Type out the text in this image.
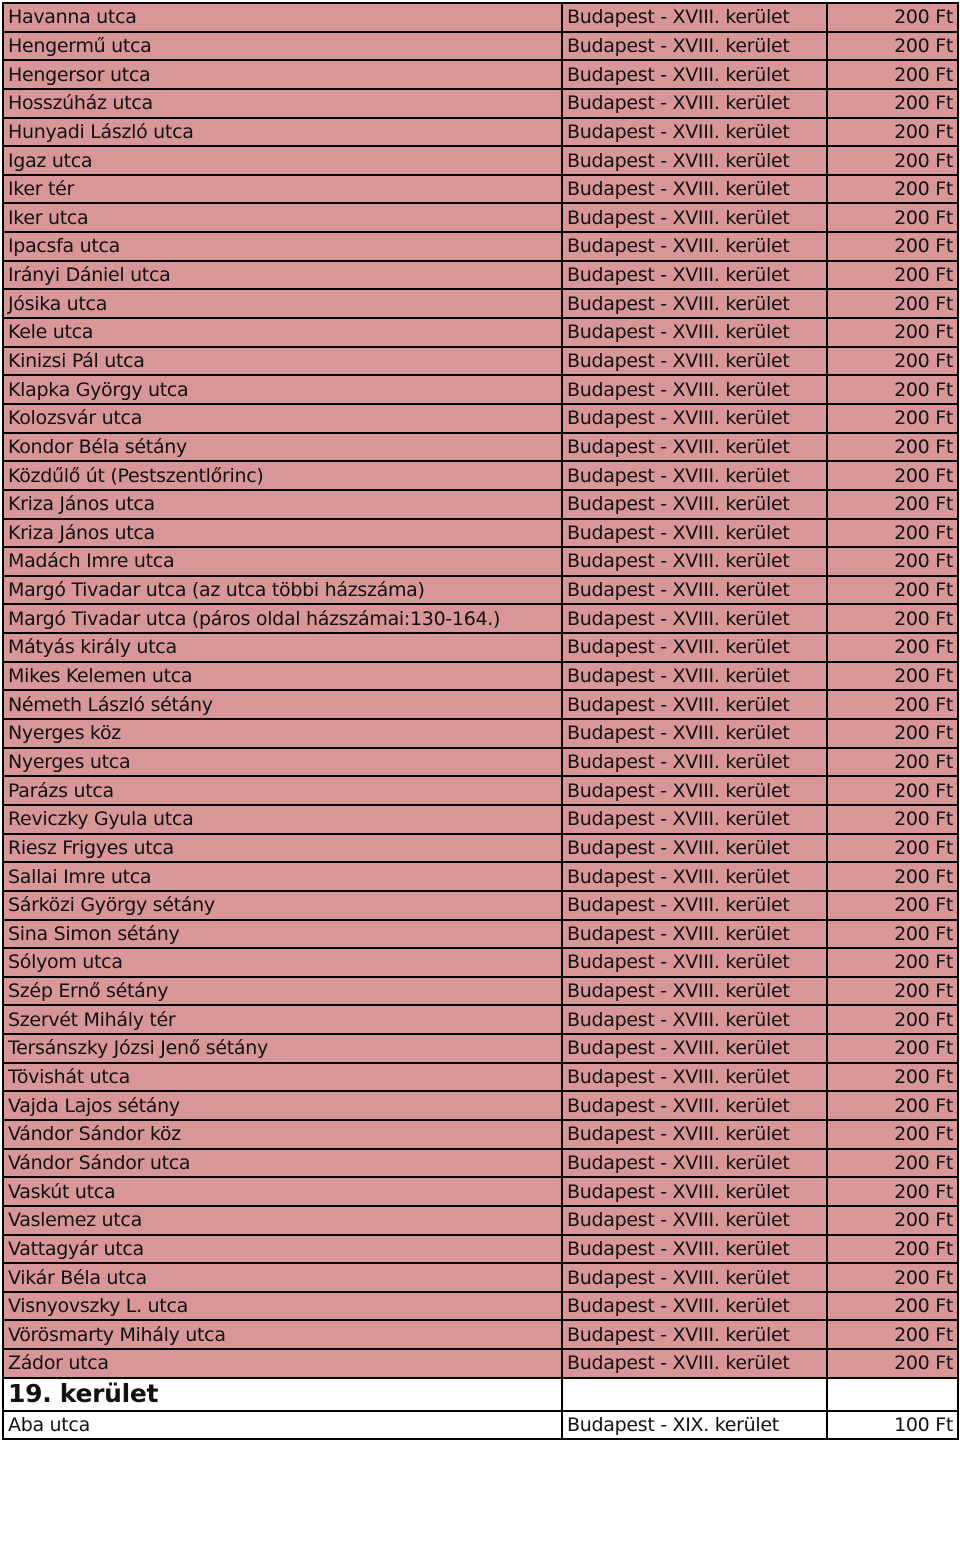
Havanna utca	Budapest - XVIII. kerület	200 Ft
Hengermű utca	Budapest - XVIII. kerület	200 Ft
Hengersor utca	Budapest - XVIII. kerület	200 Ft
Hosszúház utca	Budapest - XVIII. kerület	200 Ft
Hunyadi László utca	Budapest - XVIII. kerület	200 Ft
Igaz utca	Budapest - XVIII. kerület	200 Ft
Iker tér	Budapest - XVIII. kerület	200 Ft
Iker utca	Budapest - XVIII. kerület	200 Ft
Ipacsfa utca	Budapest - XVIII. kerület	200 Ft
Irányi Dániel utca	Budapest - XVIII. kerület	200 Ft
Jósika utca	Budapest - XVIII. kerület	200 Ft
Kele utca	Budapest - XVIII. kerület	200 Ft
Kinizsi Pál utca	Budapest - XVIII. kerület	200 Ft
Klapka György utca	Budapest - XVIII. kerület	200 Ft
Kolozsvár utca	Budapest - XVIII. kerület	200 Ft
Kondor Béla sétány	Budapest - XVIII. kerület	200 Ft
Közdűlő út (Pestszentlőrinc)	Budapest - XVIII. kerület	200 Ft
Kriza János utca	Budapest - XVIII. kerület	200 Ft
Kriza János utca	Budapest - XVIII. kerület	200 Ft
Madách Imre utca	Budapest - XVIII. kerület	200 Ft
Margó Tivadar utca (az utca többi házszáma)	Budapest - XVIII. kerület	200 Ft
Margó Tivadar utca (páros oldal házszámai:130-164.)	Budapest - XVIII. kerület	200 Ft
Mátyás király utca	Budapest - XVIII. kerület	200 Ft
Mikes Kelemen utca	Budapest - XVIII. kerület	200 Ft
Németh László sétány	Budapest - XVIII. kerület	200 Ft
Nyerges köz	Budapest - XVIII. kerület	200 Ft
Nyerges utca	Budapest - XVIII. kerület	200 Ft
Parázs utca	Budapest - XVIII. kerület	200 Ft
Reviczky Gyula utca	Budapest - XVIII. kerület	200 Ft
Riesz Frigyes utca	Budapest - XVIII. kerület	200 Ft
Sallai Imre utca	Budapest - XVIII. kerület	200 Ft
Sárközi György sétány	Budapest - XVIII. kerület	200 Ft
Sina Simon sétány	Budapest - XVIII. kerület	200 Ft
Sólyom utca	Budapest - XVIII. kerület	200 Ft
Szép Ernő sétány	Budapest - XVIII. kerület	200 Ft
Szervét Mihály tér	Budapest - XVIII. kerület	200 Ft
Tersánszky Józsi Jenő sétány	Budapest - XVIII. kerület	200 Ft
Tövishát utca	Budapest - XVIII. kerület	200 Ft
Vajda Lajos sétány	Budapest - XVIII. kerület	200 Ft
Vándor Sándor köz	Budapest - XVIII. kerület	200 Ft
Vándor Sándor utca	Budapest - XVIII. kerület	200 Ft
Vaskút utca	Budapest - XVIII. kerület	200 Ft
Vaslemez utca	Budapest - XVIII. kerület	200 Ft
Vattagyár utca	Budapest - XVIII. kerület	200 Ft
Vikár Béla utca	Budapest - XVIII. kerület	200 Ft
Visnyovszky L. utca	Budapest - XVIII. kerület	200 Ft
Vörösmarty Mihály utca	Budapest - XVIII. kerület	200 Ft
Zádor utca	Budapest - XVIII. kerület	200 Ft
19. kerület		
Aba utca	Budapest - XIX. kerület	100 Ft
